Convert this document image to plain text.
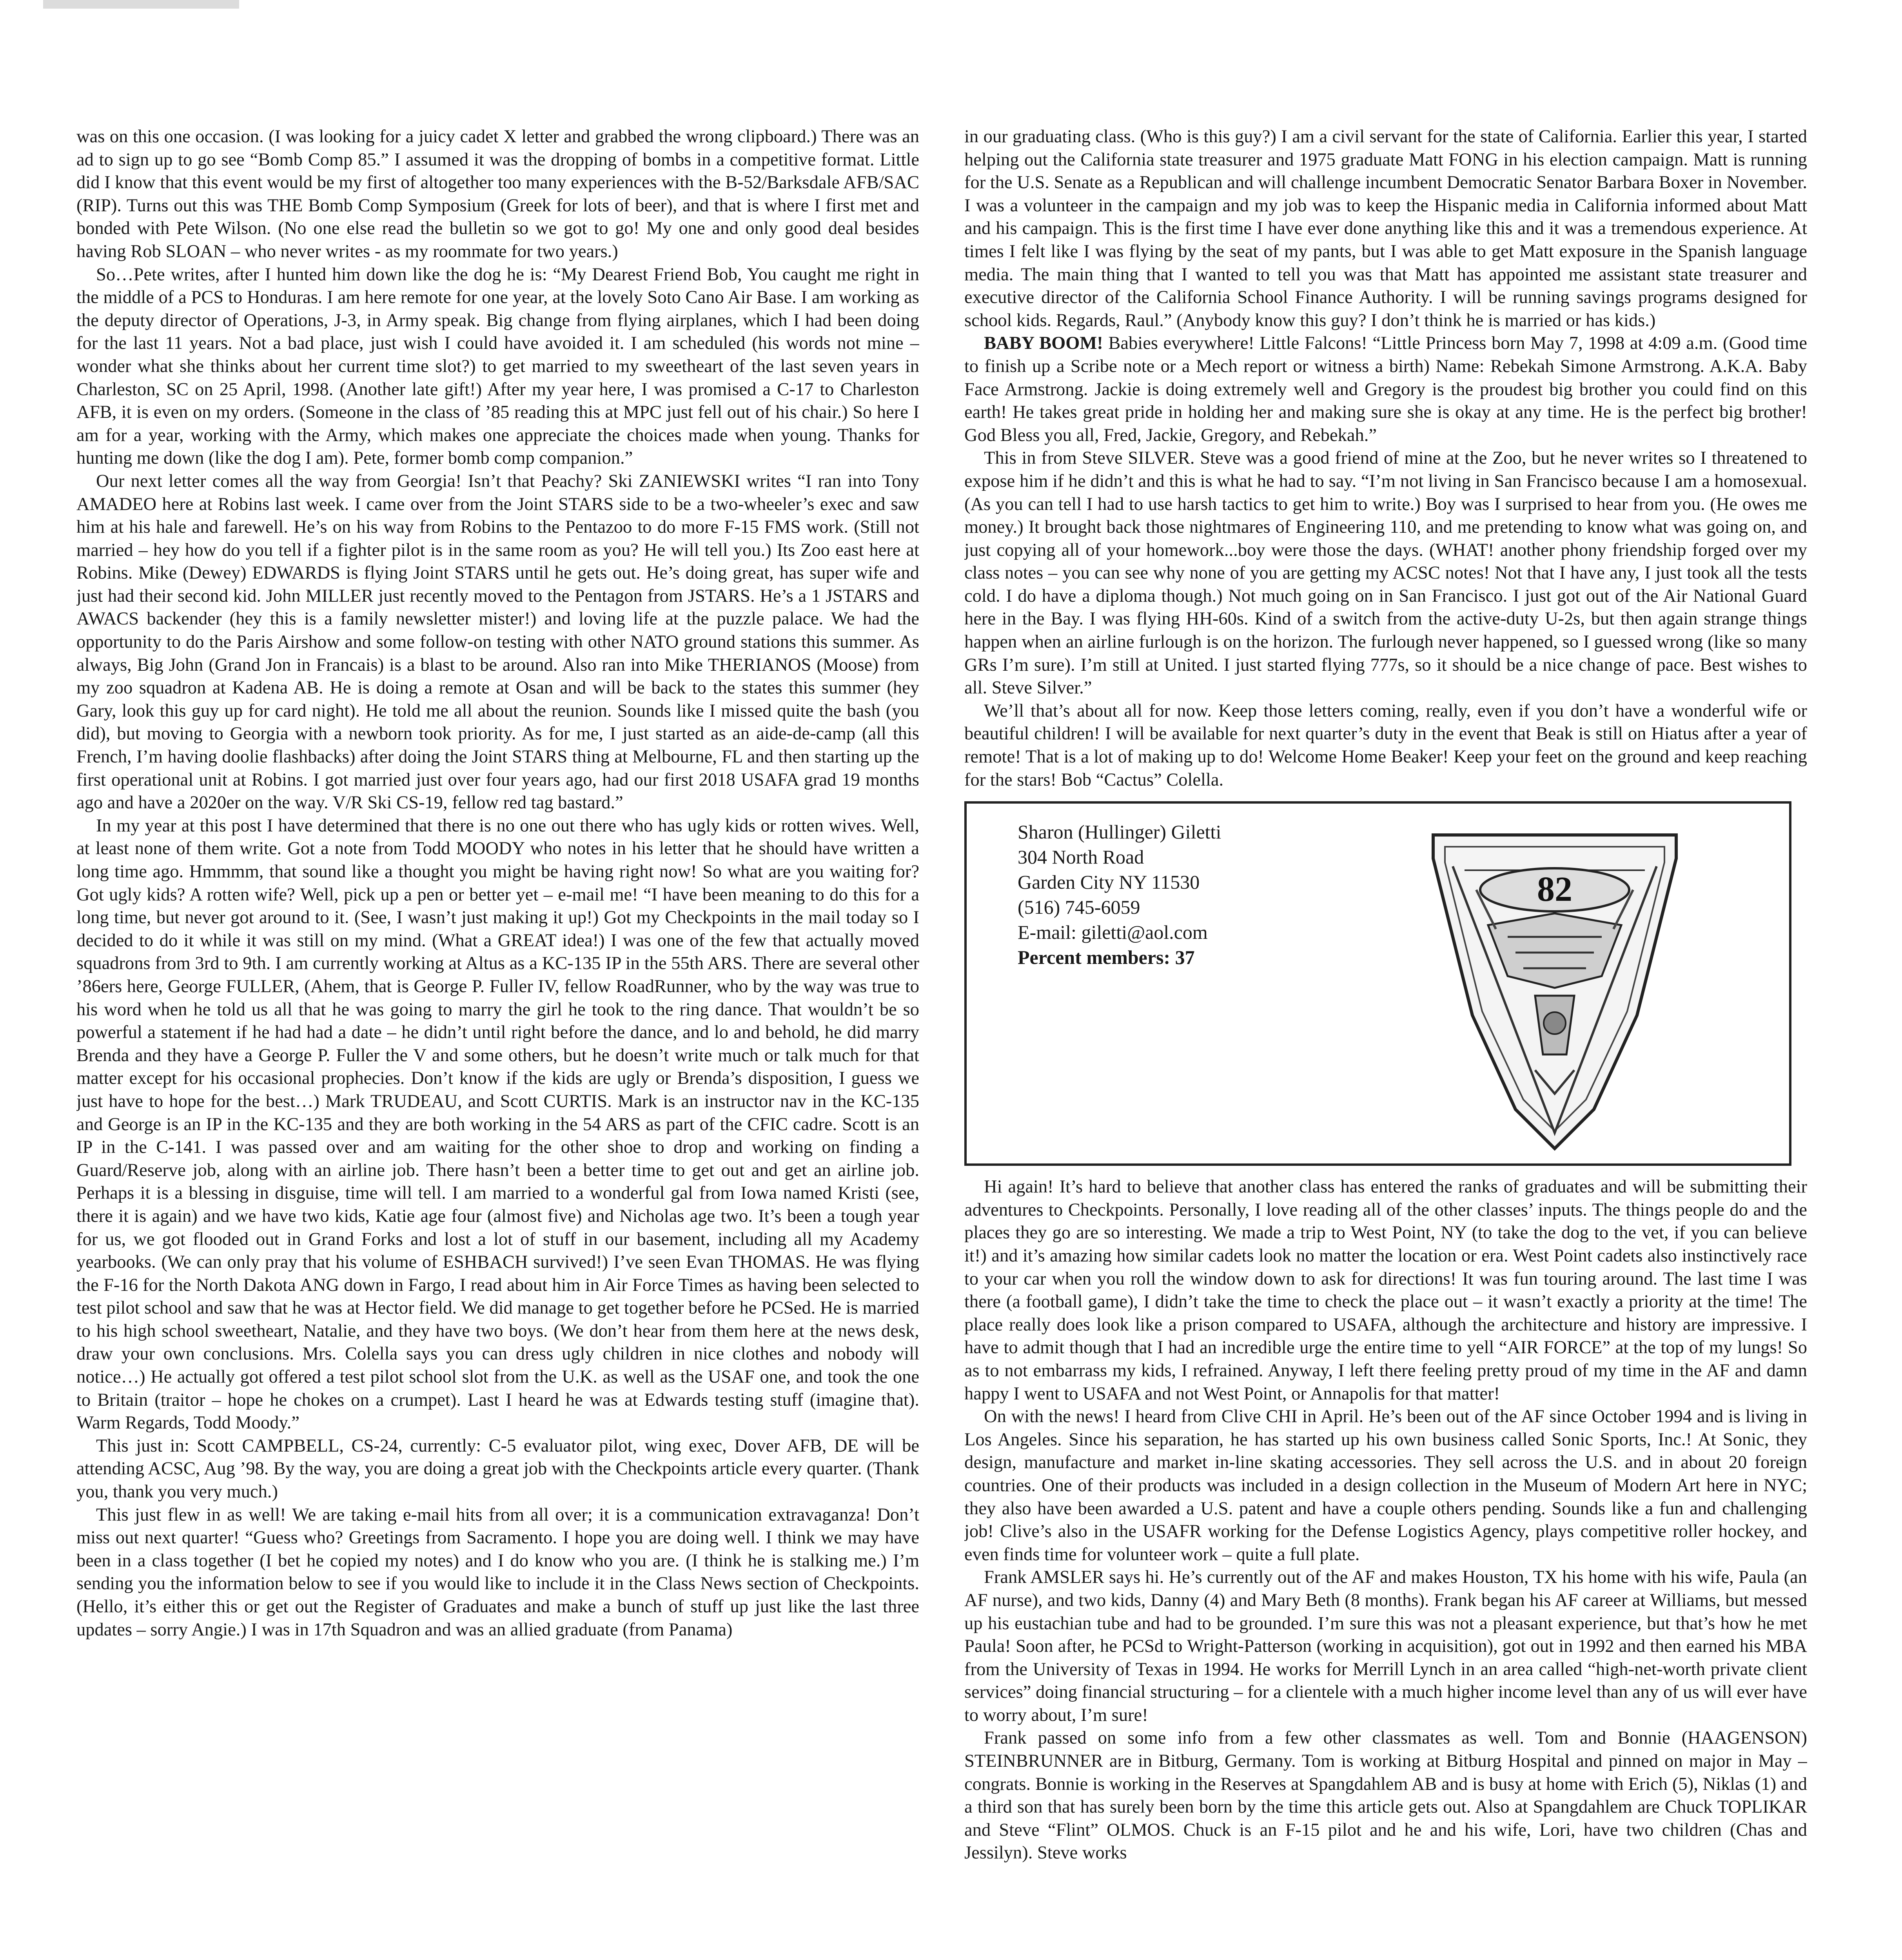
was on this one occasion. (I was looking for a juicy cadet X letter and grabbed the wrong clipboard.) There was an ad to sign up to go see “Bomb Comp 85.” I assumed it was the dropping of bombs in a competitive format. Little did I know that this event would be my first of altogether too many experiences with the B-52/Barksdale AFB/SAC (RIP). Turns out this was THE Bomb Comp Symposium (Greek for lots of beer), and that is where I first met and bonded with Pete Wilson. (No one else read the bulletin so we got to go! My one and only good deal besides having Rob SLOAN – who never writes - as my roommate for two years.)

So…Pete writes, after I hunted him down like the dog he is: “My Dearest Friend Bob, You caught me right in the middle of a PCS to Honduras. I am here remote for one year, at the lovely Soto Cano Air Base. I am working as the deputy director of Operations, J-3, in Army speak. Big change from flying airplanes, which I had been doing for the last 11 years. Not a bad place, just wish I could have avoided it. I am scheduled (his words not mine – wonder what she thinks about her current time slot?) to get married to my sweetheart of the last seven years in Charleston, SC on 25 April, 1998. (Another late gift!) After my year here, I was promised a C-17 to Charleston AFB, it is even on my orders. (Someone in the class of ’85 reading this at MPC just fell out of his chair.) So here I am for a year, working with the Army, which makes one appreciate the choices made when young. Thanks for hunting me down (like the dog I am). Pete, former bomb comp companion.”

Our next letter comes all the way from Georgia! Isn’t that Peachy? Ski ZANIEWSKI writes “I ran into Tony AMADEO here at Robins last week. I came over from the Joint STARS side to be a two-wheeler’s exec and saw him at his hale and farewell. He’s on his way from Robins to the Pentazoo to do more F-15 FMS work. (Still not married – hey how do you tell if a fighter pilot is in the same room as you? He will tell you.) Its Zoo east here at Robins. Mike (Dewey) EDWARDS is flying Joint STARS until he gets out. He’s doing great, has super wife and just had their second kid. John MILLER just recently moved to the Pentagon from JSTARS. He’s a 1 JSTARS and AWACS backender (hey this is a family newsletter mister!) and loving life at the puzzle palace. We had the opportunity to do the Paris Airshow and some follow-on testing with other NATO ground stations this summer. As always, Big John (Grand Jon in Francais) is a blast to be around. Also ran into Mike THERIANOS (Moose) from my zoo squadron at Kadena AB. He is doing a remote at Osan and will be back to the states this summer (hey Gary, look this guy up for card night). He told me all about the reunion. Sounds like I missed quite the bash (you did), but moving to Georgia with a newborn took priority. As for me, I just started as an aide-de-camp (all this French, I’m having doolie flashbacks) after doing the Joint STARS thing at Melbourne, FL and then starting up the first operational unit at Robins. I got married just over four years ago, had our first 2018 USAFA grad 19 months ago and have a 2020er on the way. V/R Ski CS-19, fellow red tag bastard.”

In my year at this post I have determined that there is no one out there who has ugly kids or rotten wives. Well, at least none of them write. Got a note from Todd MOODY who notes in his letter that he should have written a long time ago. Hmmmm, that sound like a thought you might be having right now! So what are you waiting for? Got ugly kids? A rotten wife? Well, pick up a pen or better yet – e-mail me! “I have been meaning to do this for a long time, but never got around to it. (See, I wasn’t just making it up!) Got my Checkpoints in the mail today so I decided to do it while it was still on my mind. (What a GREAT idea!) I was one of the few that actually moved squadrons from 3rd to 9th. I am currently working at Altus as a KC-135 IP in the 55th ARS. There are several other ’86ers here, George FULLER, (Ahem, that is George P. Fuller IV, fellow RoadRunner, who by the way was true to his word when he told us all that he was going to marry the girl he took to the ring dance. That wouldn’t be so powerful a statement if he had had a date – he didn’t until right before the dance, and lo and behold, he did marry Brenda and they have a George P. Fuller the V and some others, but he doesn’t write much or talk much for that matter except for his occasional prophecies. Don’t know if the kids are ugly or Brenda’s disposition, I guess we just have to hope for the best…) Mark TRUDEAU, and Scott CURTIS. Mark is an instructor nav in the KC-135 and George is an IP in the KC-135 and they are both working in the 54 ARS as part of the CFIC cadre. Scott is an IP in the C-141. I was passed over and am waiting for the other shoe to drop and working on finding a Guard/Reserve job, along with an airline job. There hasn’t been a better time to get out and get an airline job. Perhaps it is a blessing in disguise, time will tell. I am married to a wonderful gal from Iowa named Kristi (see, there it is again) and we have two kids, Katie age four (almost five) and Nicholas age two. It’s been a tough year for us, we got flooded out in Grand Forks and lost a lot of stuff in our basement, including all my Academy yearbooks. (We can only pray that his volume of ESHBACH survived!) I’ve seen Evan THOMAS. He was flying the F-16 for the North Dakota ANG down in Fargo, I read about him in Air Force Times as having been selected to test pilot school and saw that he was at Hector field. We did manage to get together before he PCSed. He is married to his high school sweetheart, Natalie, and they have two boys. (We don’t hear from them here at the news desk, draw your own conclusions. Mrs. Colella says you can dress ugly children in nice clothes and nobody will notice…) He actually got offered a test pilot school slot from the U.K. as well as the USAF one, and took the one to Britain (traitor – hope he chokes on a crumpet). Last I heard he was at Edwards testing stuff (imagine that). Warm Regards, Todd Moody.”

This just in: Scott CAMPBELL, CS-24, currently: C-5 evaluator pilot, wing exec, Dover AFB, DE will be attending ACSC, Aug ’98. By the way, you are doing a great job with the Checkpoints article every quarter. (Thank you, thank you very much.)

This just flew in as well! We are taking e-mail hits from all over; it is a communication extravaganza! Don’t miss out next quarter! “Guess who? Greetings from Sacramento. I hope you are doing well. I think we may have been in a class together (I bet he copied my notes) and I do know who you are. (I think he is stalking me.) I’m sending you the information below to see if you would like to include it in the Class News section of Checkpoints. (Hello, it’s either this or get out the Register of Graduates and make a bunch of stuff up just like the last three updates – sorry Angie.) I was in 17th Squadron and was an allied graduate (from Panama)

in our graduating class. (Who is this guy?) I am a civil servant for the state of California. Earlier this year, I started helping out the California state treasurer and 1975 graduate Matt FONG in his election campaign. Matt is running for the U.S. Senate as a Republican and will challenge incumbent Democratic Senator Barbara Boxer in November. I was a volunteer in the campaign and my job was to keep the Hispanic media in California informed about Matt and his campaign. This is the first time I have ever done anything like this and it was a tremendous experience. At times I felt like I was flying by the seat of my pants, but I was able to get Matt exposure in the Spanish language media. The main thing that I wanted to tell you was that Matt has appointed me assistant state treasurer and executive director of the California School Finance Authority. I will be running savings programs designed for school kids. Regards, Raul.” (Anybody know this guy? I don’t think he is married or has kids.)

BABY BOOM! Babies everywhere! Little Falcons! “Little Princess born May 7, 1998 at 4:09 a.m. (Good time to finish up a Scribe note or a Mech report or witness a birth) Name: Rebekah Simone Armstrong. A.K.A. Baby Face Armstrong. Jackie is doing extremely well and Gregory is the proudest big brother you could find on this earth! He takes great pride in holding her and making sure she is okay at any time. He is the perfect big brother! God Bless you all, Fred, Jackie, Gregory, and Rebekah.”

This in from Steve SILVER. Steve was a good friend of mine at the Zoo, but he never writes so I threatened to expose him if he didn’t and this is what he had to say. “I’m not living in San Francisco because I am a homosexual. (As you can tell I had to use harsh tactics to get him to write.) Boy was I surprised to hear from you. (He owes me money.) It brought back those nightmares of Engineering 110, and me pretending to know what was going on, and just copying all of your homework...boy were those the days. (WHAT! another phony friendship forged over my class notes – you can see why none of you are getting my ACSC notes! Not that I have any, I just took all the tests cold. I do have a diploma though.) Not much going on in San Francisco. I just got out of the Air National Guard here in the Bay. I was flying HH-60s. Kind of a switch from the active-duty U-2s, but then again strange things happen when an airline furlough is on the horizon. The furlough never happened, so I guessed wrong (like so many GRs I’m sure). I’m still at United. I just started flying 777s, so it should be a nice change of pace. Best wishes to all. Steve Silver.”

We’ll that’s about all for now. Keep those letters coming, really, even if you don’t have a wonderful wife or beautiful children! I will be available for next quarter’s duty in the event that Beak is still on Hiatus after a year of remote! That is a lot of making up to do! Welcome Home Beaker! Keep your feet on the ground and keep reaching for the stars! Bob “Cactus” Colella.

Sharon (Hullinger) Giletti
304 North Road
Garden City NY 11530
(516) 745-6059
E-mail: giletti@aol.com
Percent members: 37
82

Hi again! It’s hard to believe that another class has entered the ranks of graduates and will be submitting their adventures to Checkpoints. Personally, I love reading all of the other classes’ inputs. The things people do and the places they go are so interesting. We made a trip to West Point, NY (to take the dog to the vet, if you can believe it!) and it’s amazing how similar cadets look no matter the location or era. West Point cadets also instinctively race to your car when you roll the window down to ask for directions! It was fun touring around. The last time I was there (a football game), I didn’t take the time to check the place out – it wasn’t exactly a priority at the time! The place really does look like a prison compared to USAFA, although the architecture and history are impressive. I have to admit though that I had an incredible urge the entire time to yell “AIR FORCE” at the top of my lungs! So as to not embarrass my kids, I refrained. Anyway, I left there feeling pretty proud of my time in the AF and damn happy I went to USAFA and not West Point, or Annapolis for that matter!

On with the news! I heard from Clive CHI in April. He’s been out of the AF since October 1994 and is living in Los Angeles. Since his separation, he has started up his own business called Sonic Sports, Inc.! At Sonic, they design, manufacture and market in-line skating accessories. They sell across the U.S. and in about 20 foreign countries. One of their products was included in a design collection in the Museum of Modern Art here in NYC; they also have been awarded a U.S. patent and have a couple others pending. Sounds like a fun and challenging job! Clive’s also in the USAFR working for the Defense Logistics Agency, plays competitive roller hockey, and even finds time for volunteer work – quite a full plate.

Frank AMSLER says hi. He’s currently out of the AF and makes Houston, TX his home with his wife, Paula (an AF nurse), and two kids, Danny (4) and Mary Beth (8 months). Frank began his AF career at Williams, but messed up his eustachian tube and had to be grounded. I’m sure this was not a pleasant experience, but that’s how he met Paula! Soon after, he PCSd to Wright-Patterson (working in acquisition), got out in 1992 and then earned his MBA from the University of Texas in 1994. He works for Merrill Lynch in an area called “high-net-worth private client services” doing financial structuring – for a clientele with a much higher income level than any of us will ever have to worry about, I’m sure!

Frank passed on some info from a few other classmates as well. Tom and Bonnie (HAAGENSON) STEINBRUNNER are in Bitburg, Germany. Tom is working at Bitburg Hospital and pinned on major in May – congrats. Bonnie is working in the Reserves at Spangdahlem AB and is busy at home with Erich (5), Niklas (1) and a third son that has surely been born by the time this article gets out. Also at Spangdahlem are Chuck TOPLIKAR and Steve “Flint” OLMOS. Chuck is an F-15 pilot and he and his wife, Lori, have two children (Chas and Jessilyn). Steve works
